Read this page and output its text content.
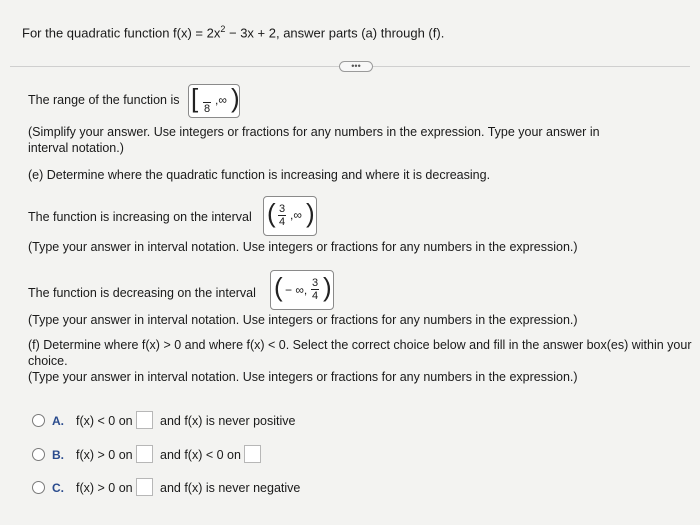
For the quadratic function $f(x) = 2x^2 - 3x + 2$, answer parts (a) through (f).
•••
The range of the function is [
8
,∞ )
(Simplify your answer. Use integers or fractions for any numbers in the expression. Type your answer in
interval notation.)
(e) Determine where the quadratic function is increasing and where it is decreasing.
The function is increasing on the interval ( $\frac{3}{4}$ ,∞ )
(Type your answer in interval notation. Use integers or fractions for any numbers in the expression.)
The function is decreasing on the interval ( − ∞, $\frac{3}{4}$ )
(Type your answer in interval notation. Use integers or fractions for any numbers in the expression.)
(f) Determine where f(x) > 0 and where f(x) < 0. Select the correct choice below and fill in the answer box(es) within your
choice.
(Type your answer in interval notation. Use integers or fractions for any numbers in the expression.)
A. f(x) < 0 on and f(x) is never positive
B. f(x) > 0 on and f(x) < 0 on
C. f(x) > 0 on and f(x) is never negative
